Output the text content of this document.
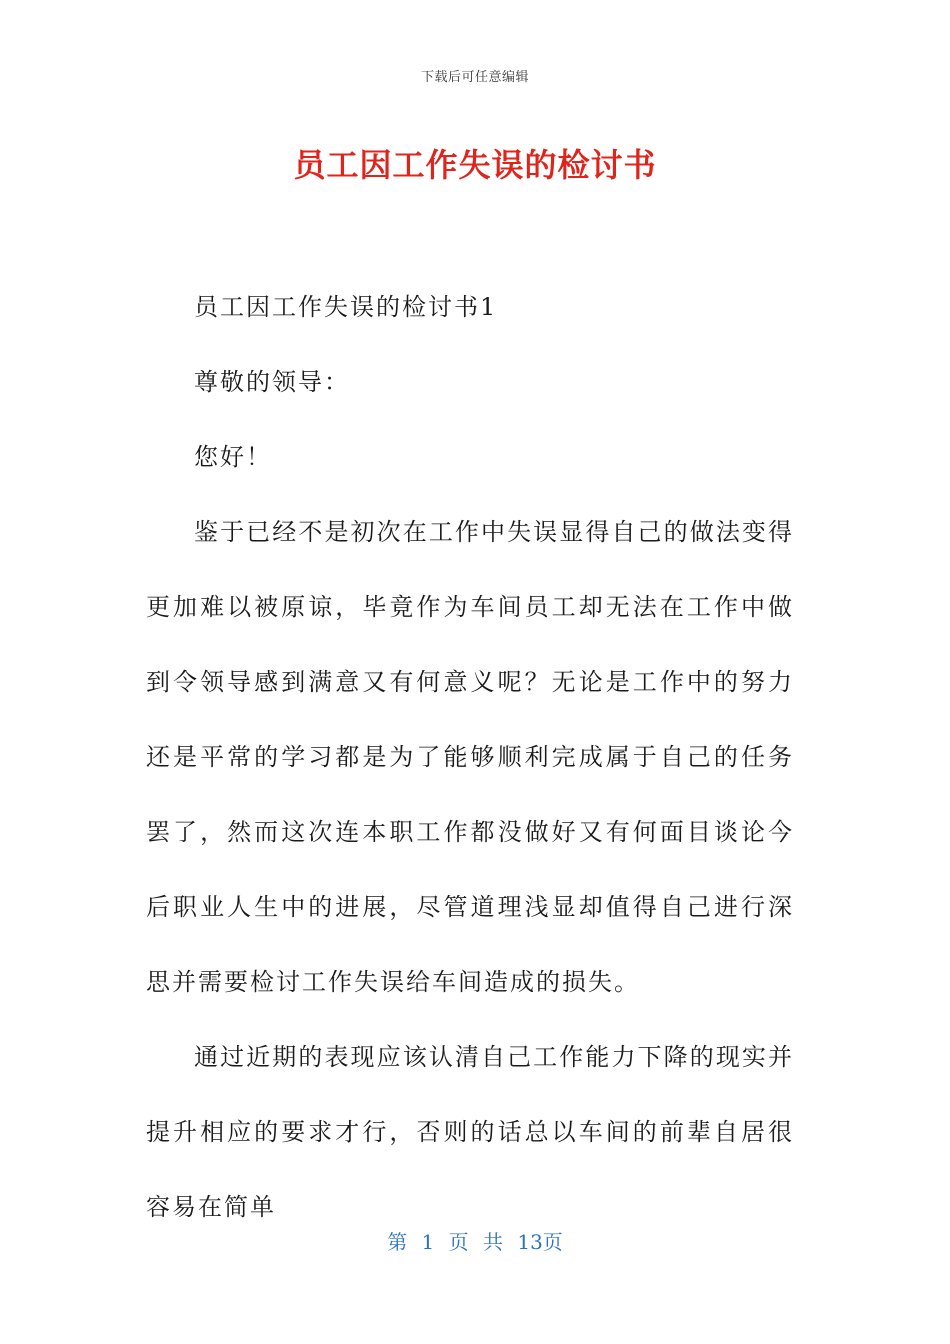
下载后可任意编辑
员工因工作失误的检讨书

员工因工作失误的检讨书1

尊敬的领导：

您好！

鉴于已经不是初次在工作中失误显得自己的做法变得更加难以被原谅，毕竟作为车间员工却无法在工作中做到令领导感到满意又有何意义呢？无论是工作中的努力还是平常的学习都是为了能够顺利完成属于自己的任务罢了，然而这次连本职工作都没做好又有何面目谈论今后职业人生中的进展，尽管道理浅显却值得自己进行深思并需要检讨工作失误给车间造成的损失。

通过近期的表现应该认清自己工作能力下降的现实并提升相应的要求才行，否则的话总以车间的前辈自居很容易在简单

第 1 页 共 13页
